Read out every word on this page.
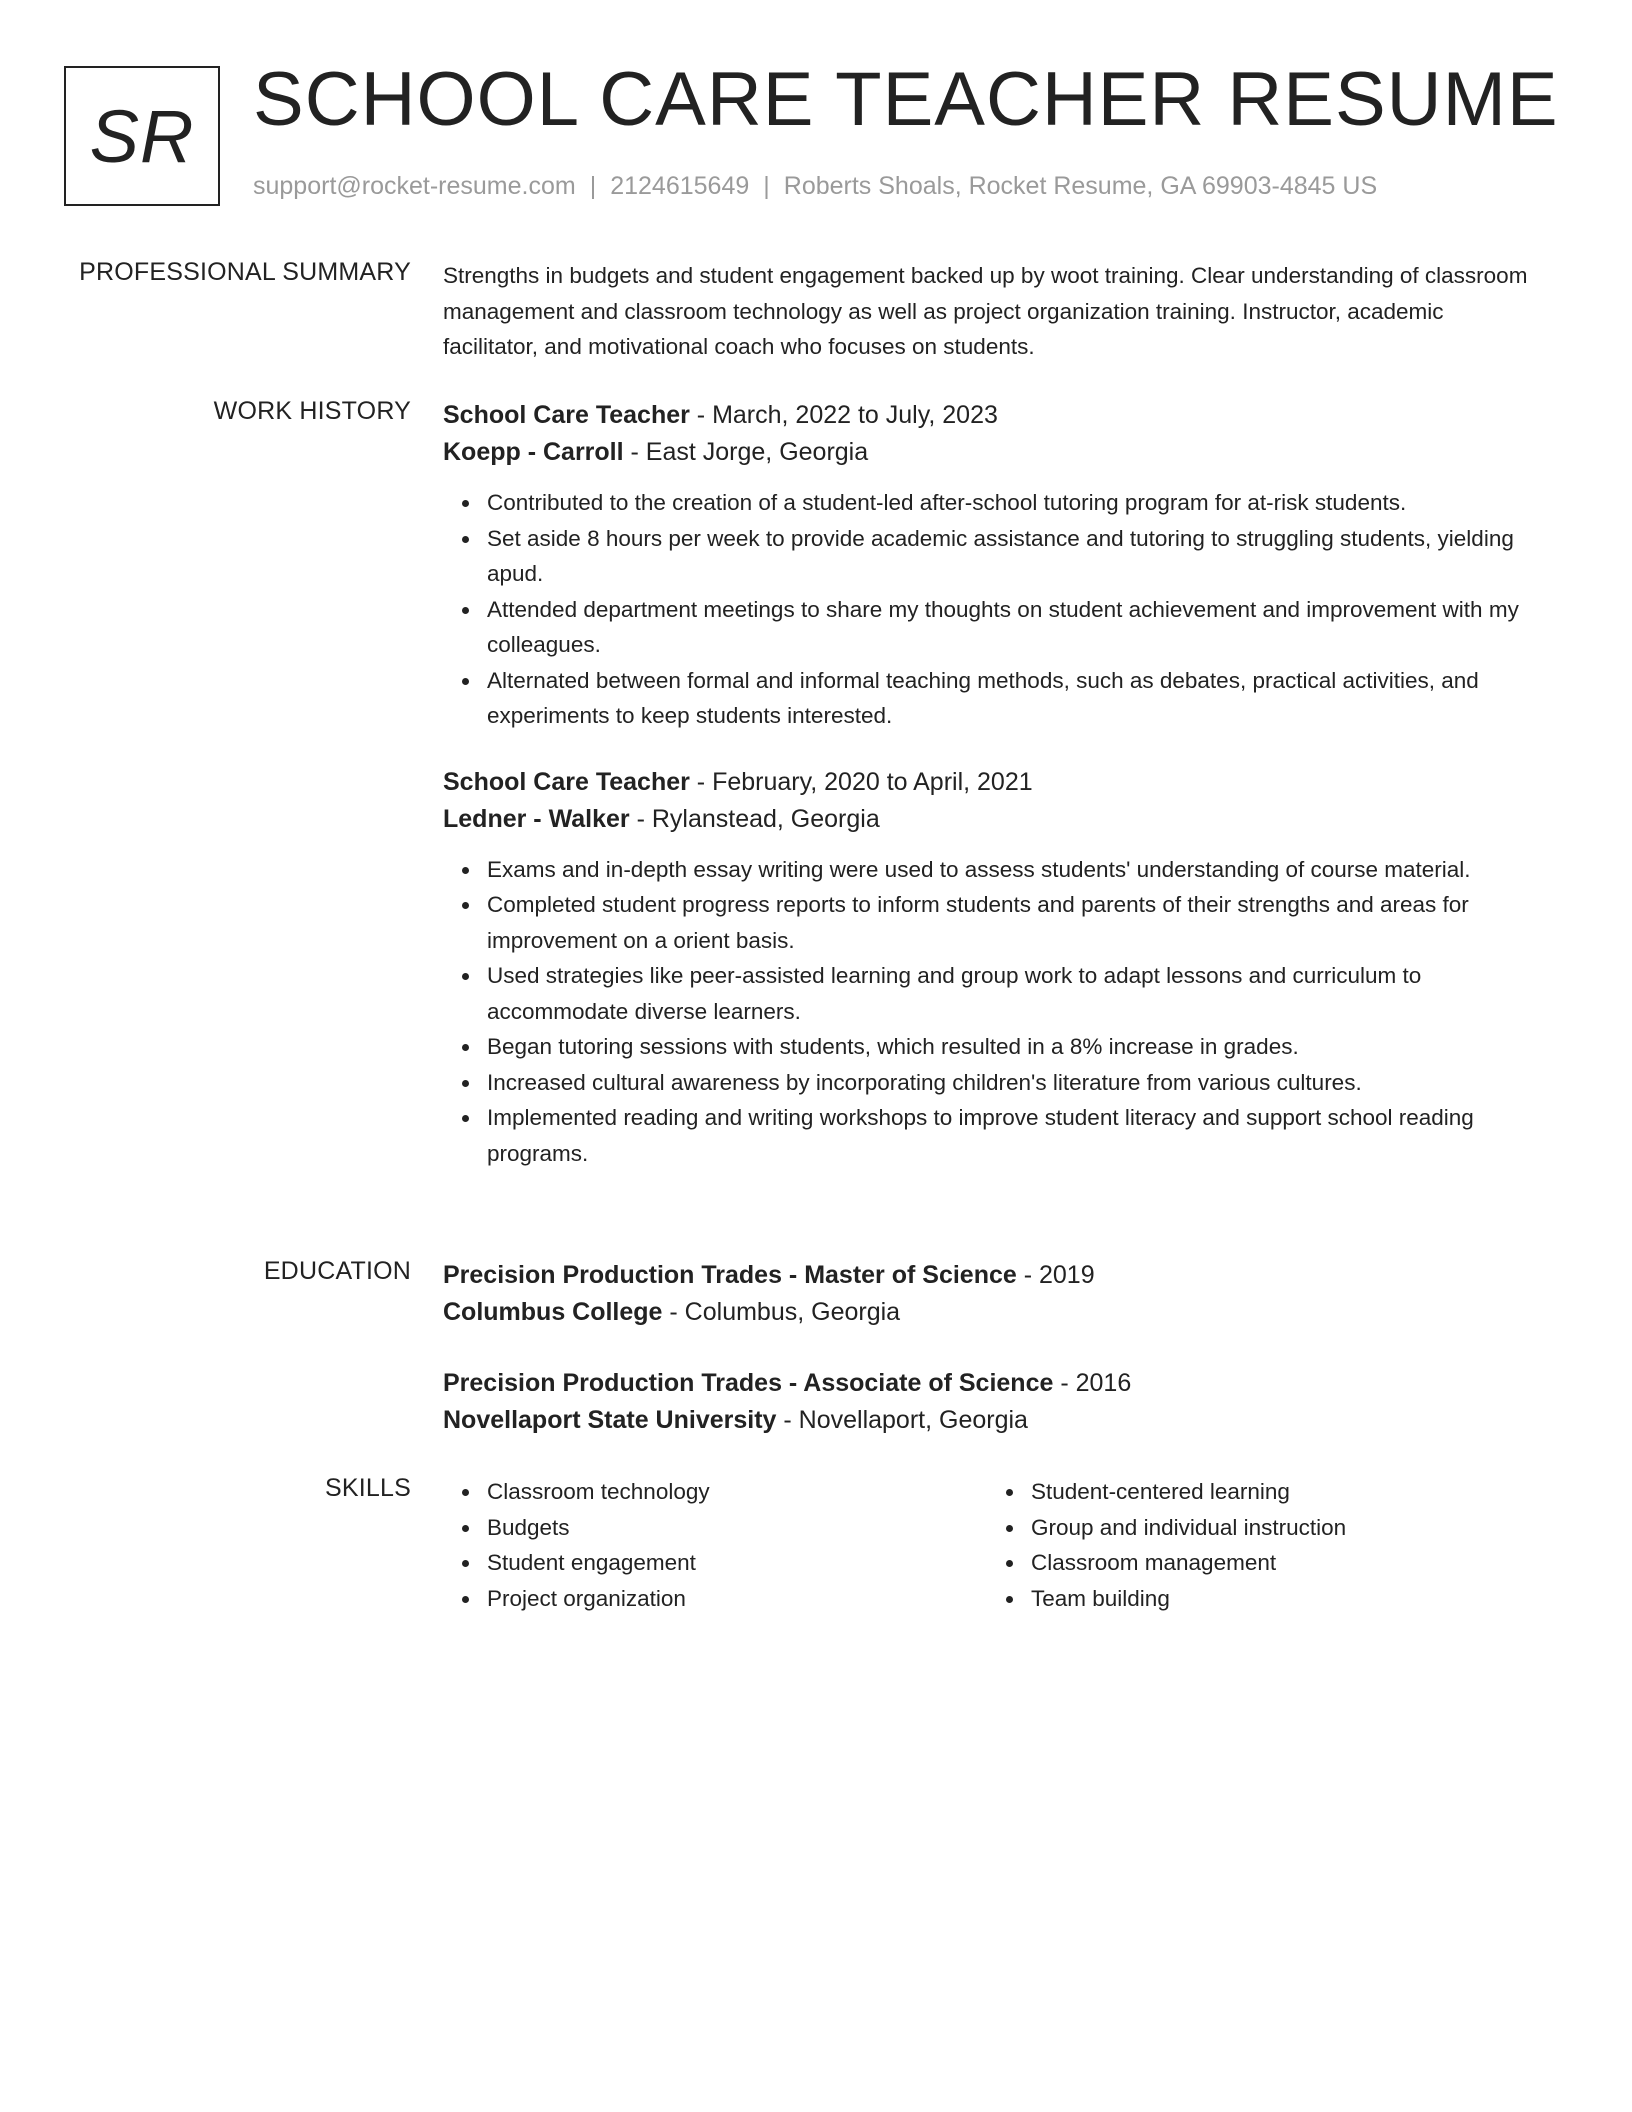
SR SCHOOL CARE TEACHER RESUME
support@rocket-resume.com | 2124615649 | Roberts Shoals, Rocket Resume, GA 69903-4845 US
PROFESSIONAL SUMMARY Strengths in budgets and student engagement backed up by woot training. Clear understanding of classroom management and classroom technology as well as project organization training. Instructor, academic facilitator, and motivational coach who focuses on students.

WORK HISTORY School Care Teacher - March, 2022 to July, 2023
Koepp - Carroll - East Jorge, Georgia
Contributed to the creation of a student-led after-school tutoring program for at-risk students.
Set aside 8 hours per week to provide academic assistance and tutoring to struggling students, yielding apud.
Attended department meetings to share my thoughts on student achievement and improvement with my colleagues.
Alternated between formal and informal teaching methods, such as debates, practical activities, and experiments to keep students interested.
School Care Teacher - February, 2020 to April, 2021
Ledner - Walker - Rylanstead, Georgia
Exams and in-depth essay writing were used to assess students' understanding of course material.
Completed student progress reports to inform students and parents of their strengths and areas for improvement on a orient basis.
Used strategies like peer-assisted learning and group work to adapt lessons and curriculum to accommodate diverse learners.
Began tutoring sessions with students, which resulted in a 8% increase in grades.
Increased cultural awareness by incorporating children's literature from various cultures.
Implemented reading and writing workshops to improve student literacy and support school reading programs.
EDUCATION Precision Production Trades - Master of Science - 2019
Columbus College - Columbus, Georgia
Precision Production Trades - Associate of Science - 2016
Novellaport State University - Novellaport, Georgia
SKILLS	Classroom technology
Budgets
Student engagement
Project organization
Student-centered learning
Group and individual instruction
Classroom management
Team building
